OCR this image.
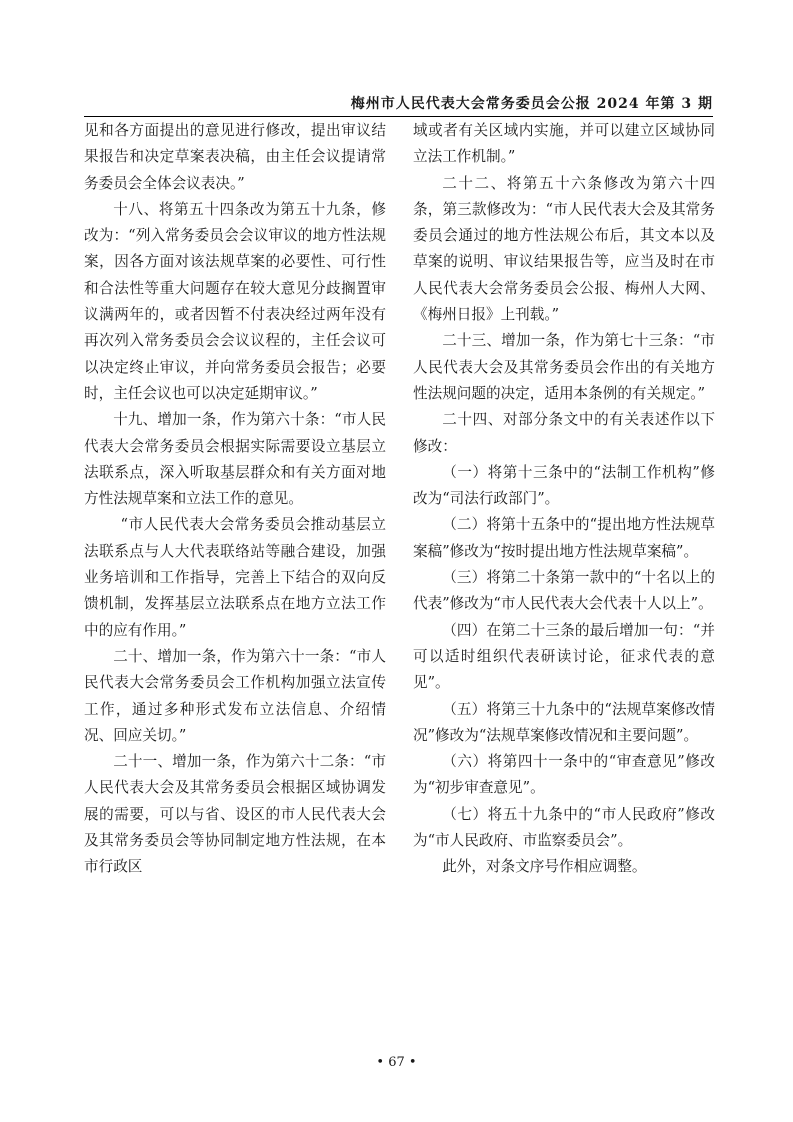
梅州市人民代表大会常务委员会公报 2024 年第 3 期

见和各方面提出的意见进行修改，提出审议结果报告和决定草案表决稿，由主任会议提请常务委员会全体会议表决。”

十八、将第五十四条改为第五十九条，修改为：“列入常务委员会会议审议的地方性法规案，因各方面对该法规草案的必要性、可行性和合法性等重大问题存在较大意见分歧搁置审议满两年的，或者因暂不付表决经过两年没有再次列入常务委员会会议议程的，主任会议可以决定终止审议，并向常务委员会报告；必要时，主任会议也可以决定延期审议。”

十九、增加一条，作为第六十条：“市人民代表大会常务委员会根据实际需要设立基层立法联系点，深入听取基层群众和有关方面对地方性法规草案和立法工作的意见。

“市人民代表大会常务委员会推动基层立法联系点与人大代表联络站等融合建设，加强业务培训和工作指导，完善上下结合的双向反馈机制，发挥基层立法联系点在地方立法工作中的应有作用。”

二十、增加一条，作为第六十一条：“市人民代表大会常务委员会工作机构加强立法宣传工作，通过多种形式发布立法信息、介绍情况、回应关切。”

二十一、增加一条，作为第六十二条：“市人民代表大会及其常务委员会根据区域协调发展的需要，可以与省、设区的市人民代表大会及其常务委员会等协同制定地方性法规，在本市行政区

域或者有关区域内实施，并可以建立区域协同立法工作机制。”

二十二、将第五十六条修改为第六十四条，第三款修改为：“市人民代表大会及其常务委员会通过的地方性法规公布后，其文本以及草案的说明、审议结果报告等，应当及时在市人民代表大会常务委员会公报、梅州人大网、《梅州日报》上刊载。”

二十三、增加一条，作为第七十三条：“市人民代表大会及其常务委员会作出的有关地方性法规问题的决定，适用本条例的有关规定。”

二十四、对部分条文中的有关表述作以下修改：

（一）将第十三条中的“法制工作机构”修改为“司法行政部门”。

（二）将第十五条中的“提出地方性法规草案稿”修改为“按时提出地方性法规草案稿”。

（三）将第二十条第一款中的“十名以上的代表”修改为“市人民代表大会代表十人以上”。

（四）在第二十三条的最后增加一句：“并可以适时组织代表研读讨论，征求代表的意见”。

（五）将第三十九条中的“法规草案修改情况”修改为“法规草案修改情况和主要问题”。

（六）将第四十一条中的“审查意见”修改为“初步审查意见”。

（七）将五十九条中的“市人民政府”修改为“市人民政府、市监察委员会”。

此外，对条文序号作相应调整。

• 67 •
